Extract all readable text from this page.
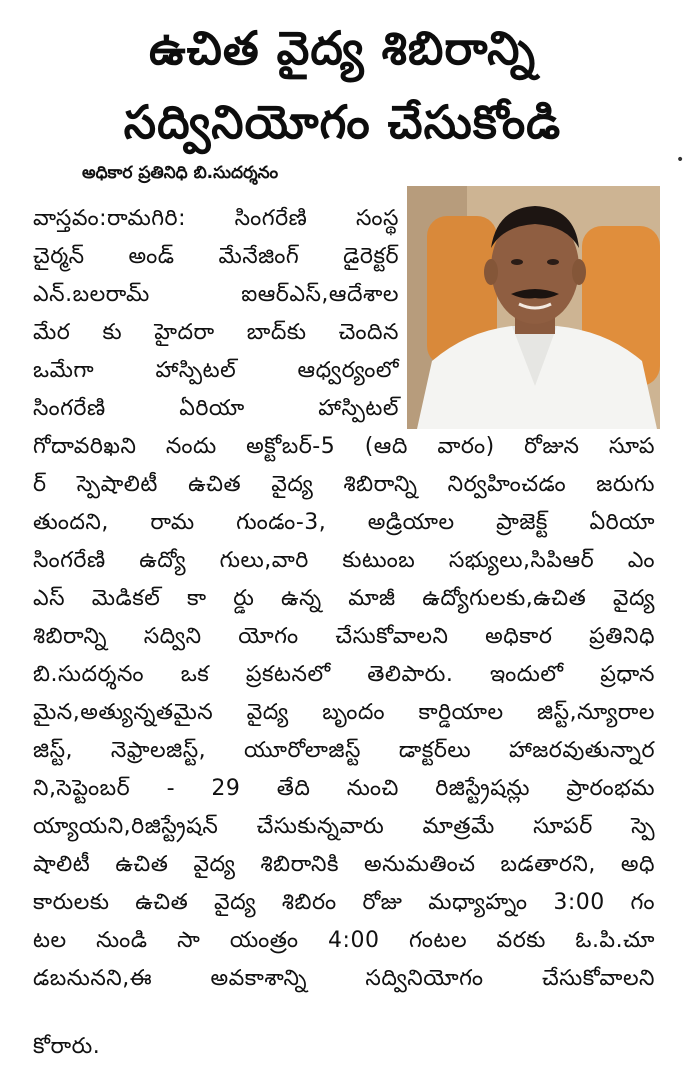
ఉచిత వైద్య శిబిరాన్ని
సద్వినియోగం చేసుకోండి
అధికార ప్రతినిధి బి.సుదర్శనం
•
వాస్తవం:రామగిరి: సింగరేణి సంస్థ
చైర్మన్ అండ్ మేనేజింగ్ డైరెక్టర్
ఎన్.బలరామ్ ఐఆర్ఎస్,ఆదేశాల
మేర కు హైదరా బాద్‌కు చెందిన
ఒమేగా హాస్పిటల్ ఆధ్వర్యంలో
సింగరేణి ఏరియా హాస్పిటల్
గోదావరిఖని నందు అక్టోబర్-5 (ఆది వారం) రోజున సూప
ర్ స్పెషాలిటీ ఉచిత వైద్య శిబిరాన్ని నిర్వహించడం జరుగు
తుందని, రామ గుండం-3, అడ్రియాల ప్రాజెక్ట్ ఏరియా
సింగరేణి ఉద్యో గులు,వారి కుటుంబ సభ్యులు,సిపిఆర్ ఎం
ఎస్ మెడికల్ కా ర్డు ఉన్న మాజీ ఉద్యోగులకు,ఉచిత వైద్య
శిబిరాన్ని సద్విని యోగం చేసుకోవాలని అధికార ప్రతినిధి
బి.సుదర్శనం ఒక ప్రకటనలో తెలిపారు. ఇందులో ప్రధాన
మైన,అత్యున్నతమైన వైద్య బృందం కార్డియాల జిస్ట్,న్యూరాల
జిస్ట్, నెఫ్రాలజిస్ట్, యూరోలాజిస్ట్ డాక్టర్‌లు హాజరవుతున్నార
ని,సెప్టెంబర్ - 29 తేది నుంచి రిజిస్ట్రేషన్లు ప్రారంభమ
య్యాయని,రిజిస్ట్రేషన్ చేసుకున్నవారు మాత్రమే సూపర్ స్పె
షాలిటీ ఉచిత వైద్య శిబిరానికి అనుమతించ బడతారని, అధి
కారులకు ఉచిత వైద్య శిబిరం రోజు మధ్యాహ్నం 3:00 గం
టల నుండి సా యంత్రం 4:00 గంటల వరకు ఓ.పి.చూ
డబనునని,ఈ అవకాశాన్ని సద్వినియోగం చేసుకోవాలని
కోరారు.
